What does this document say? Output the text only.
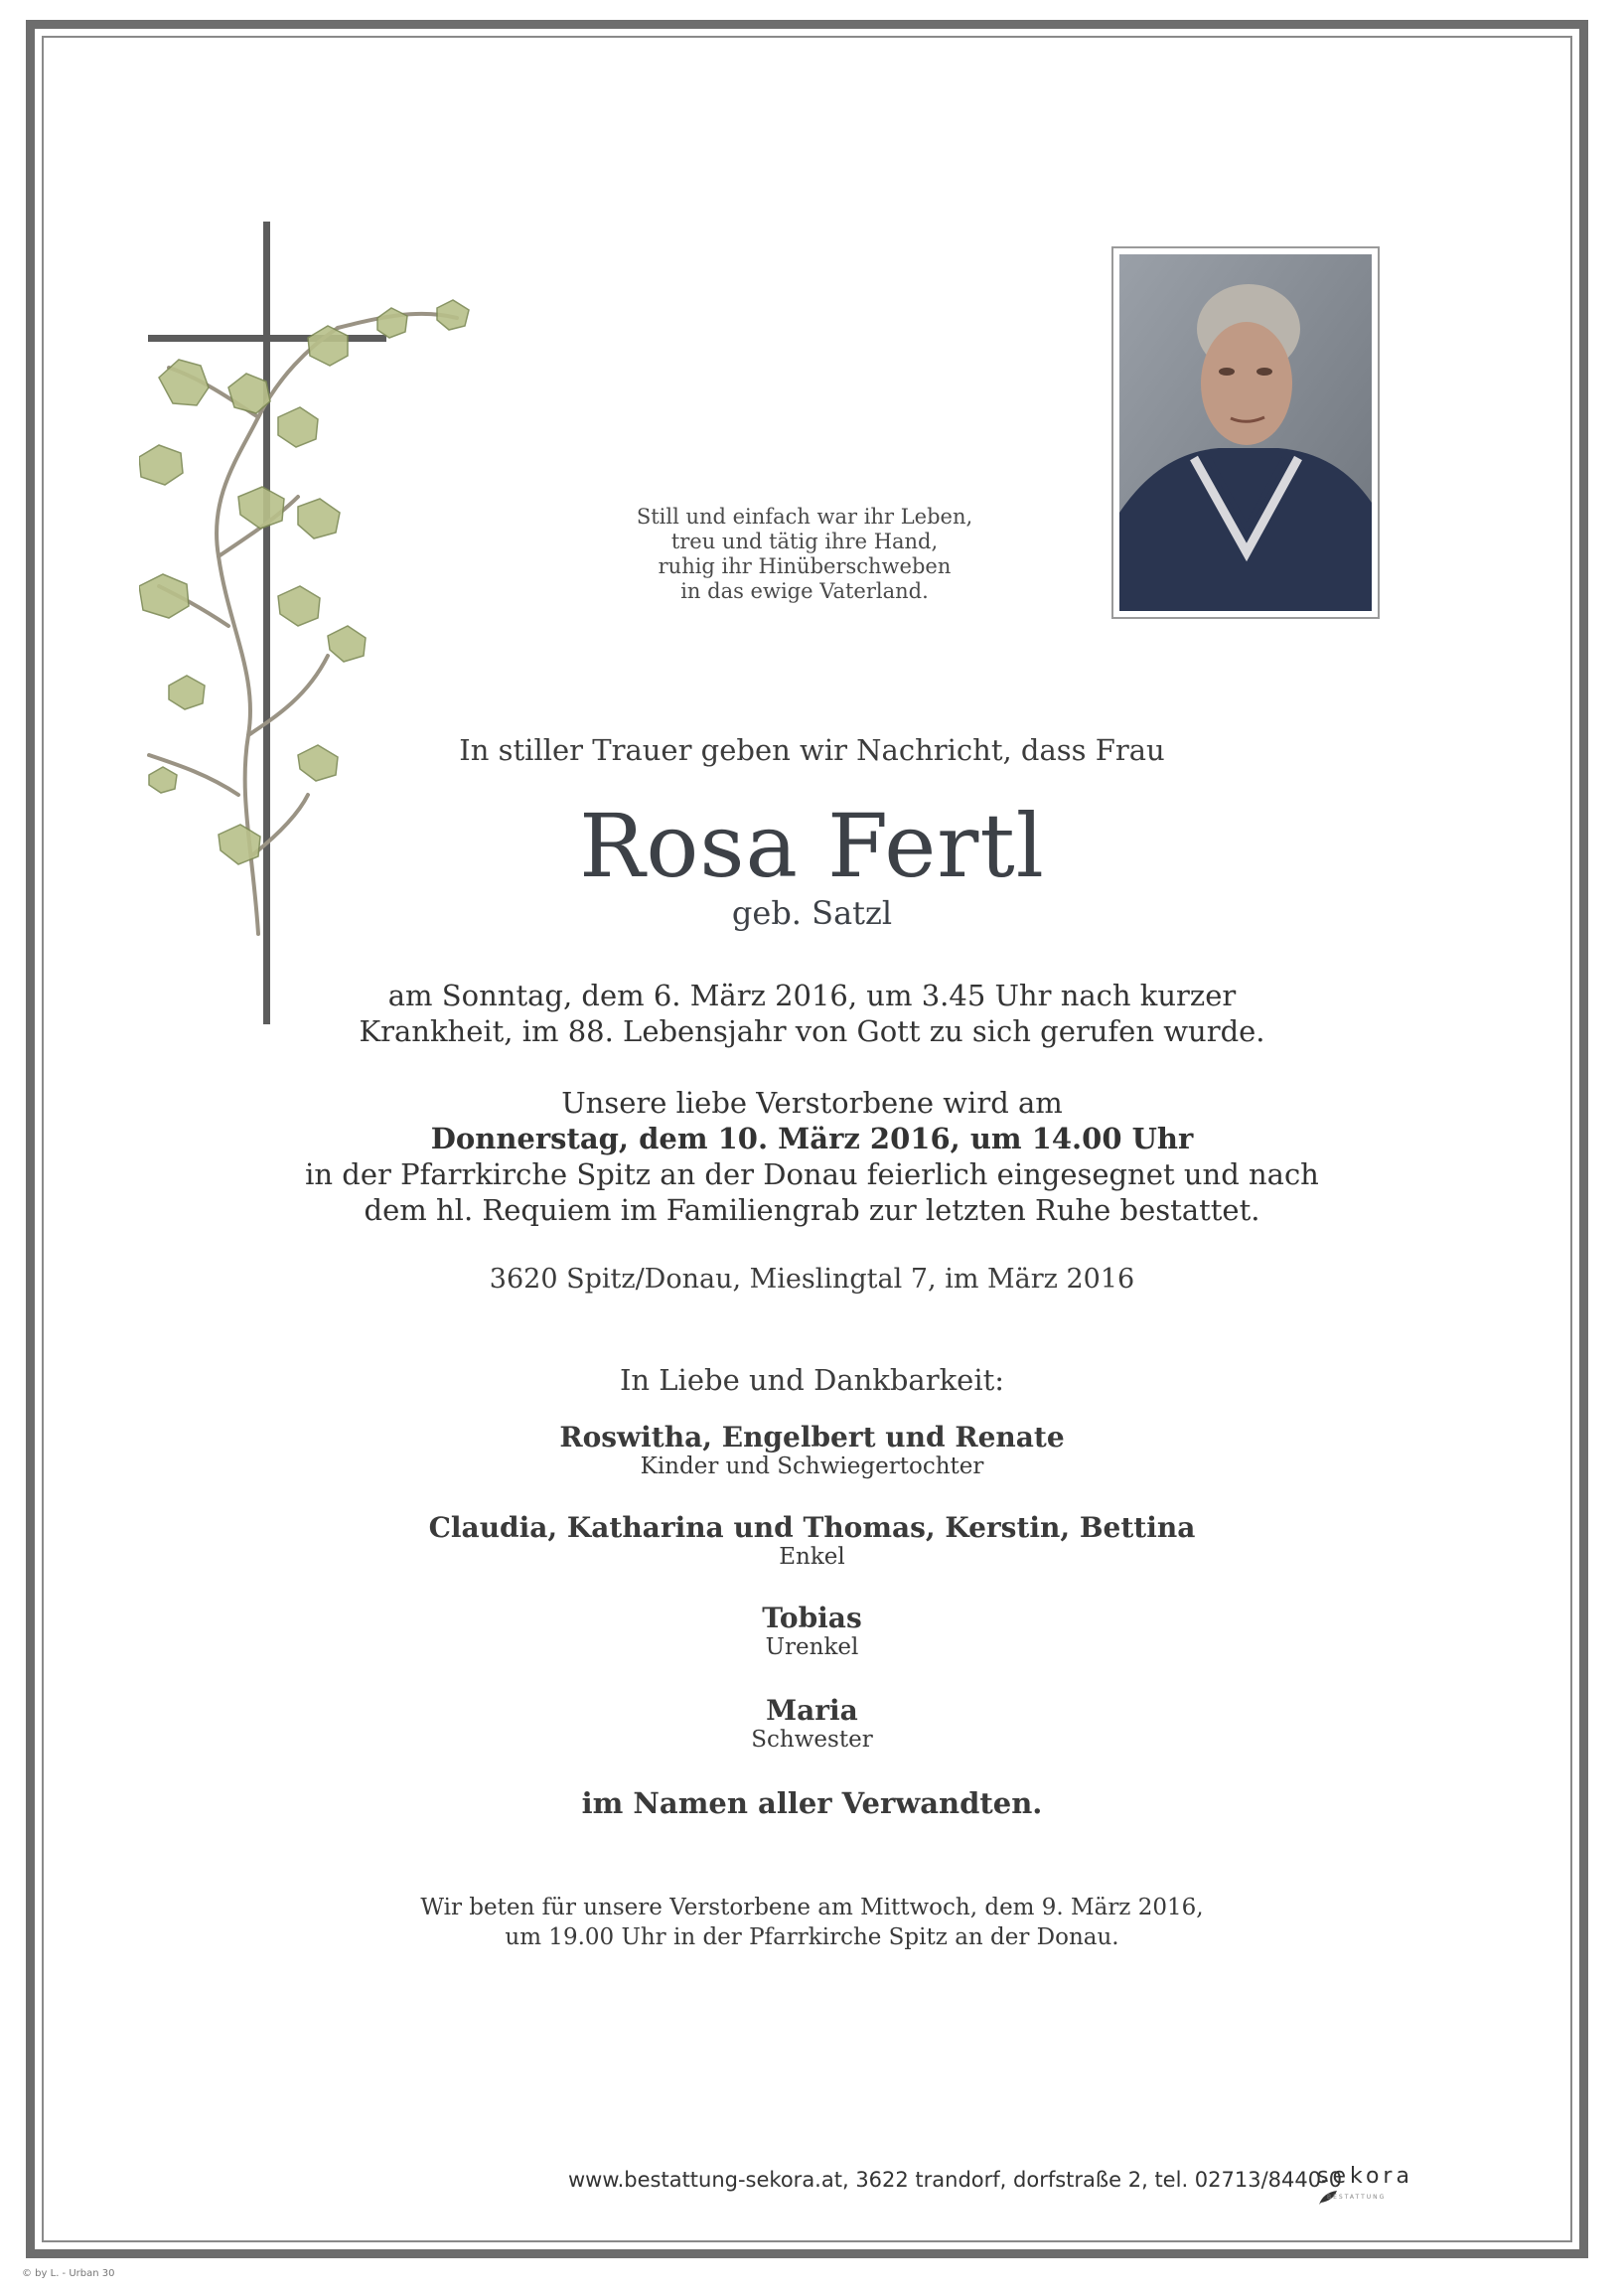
Still und einfach war ihr Leben,
treu und tätig ihre Hand,
ruhig ihr Hinüberschweben
in das ewige Vaterland.
In stiller Trauer geben wir Nachricht, dass Frau
Rosa Fertl
geb. Satzl
am Sonntag, dem 6. März 2016, um 3.45 Uhr nach kurzer
Krankheit, im 88. Lebensjahr von Gott zu sich gerufen wurde.
Unsere liebe Verstorbene wird am
Donnerstag, dem 10. März 2016, um 14.00 Uhr
in der Pfarrkirche Spitz an der Donau feierlich eingesegnet und nach
dem hl. Requiem im Familiengrab zur letzten Ruhe bestattet.
3620 Spitz/Donau, Mieslingtal 7, im März 2016
In Liebe und Dankbarkeit:
Roswitha, Engelbert und Renate
Kinder und Schwiegertochter
Claudia, Katharina und Thomas, Kerstin, Bettina
Enkel
Tobias
Urenkel
Maria
Schwester
im Namen aller Verwandten.
Wir beten für unsere Verstorbene am Mittwoch, dem 9. März 2016,
um 19.00 Uhr in der Pfarrkirche Spitz an der Donau.
www.bestattung-sekora.at, 3622 trandorf, dorfstraße 2, tel. 02713/8440-0
sekora
BESTATTUNG
© by L. - Urban 30
